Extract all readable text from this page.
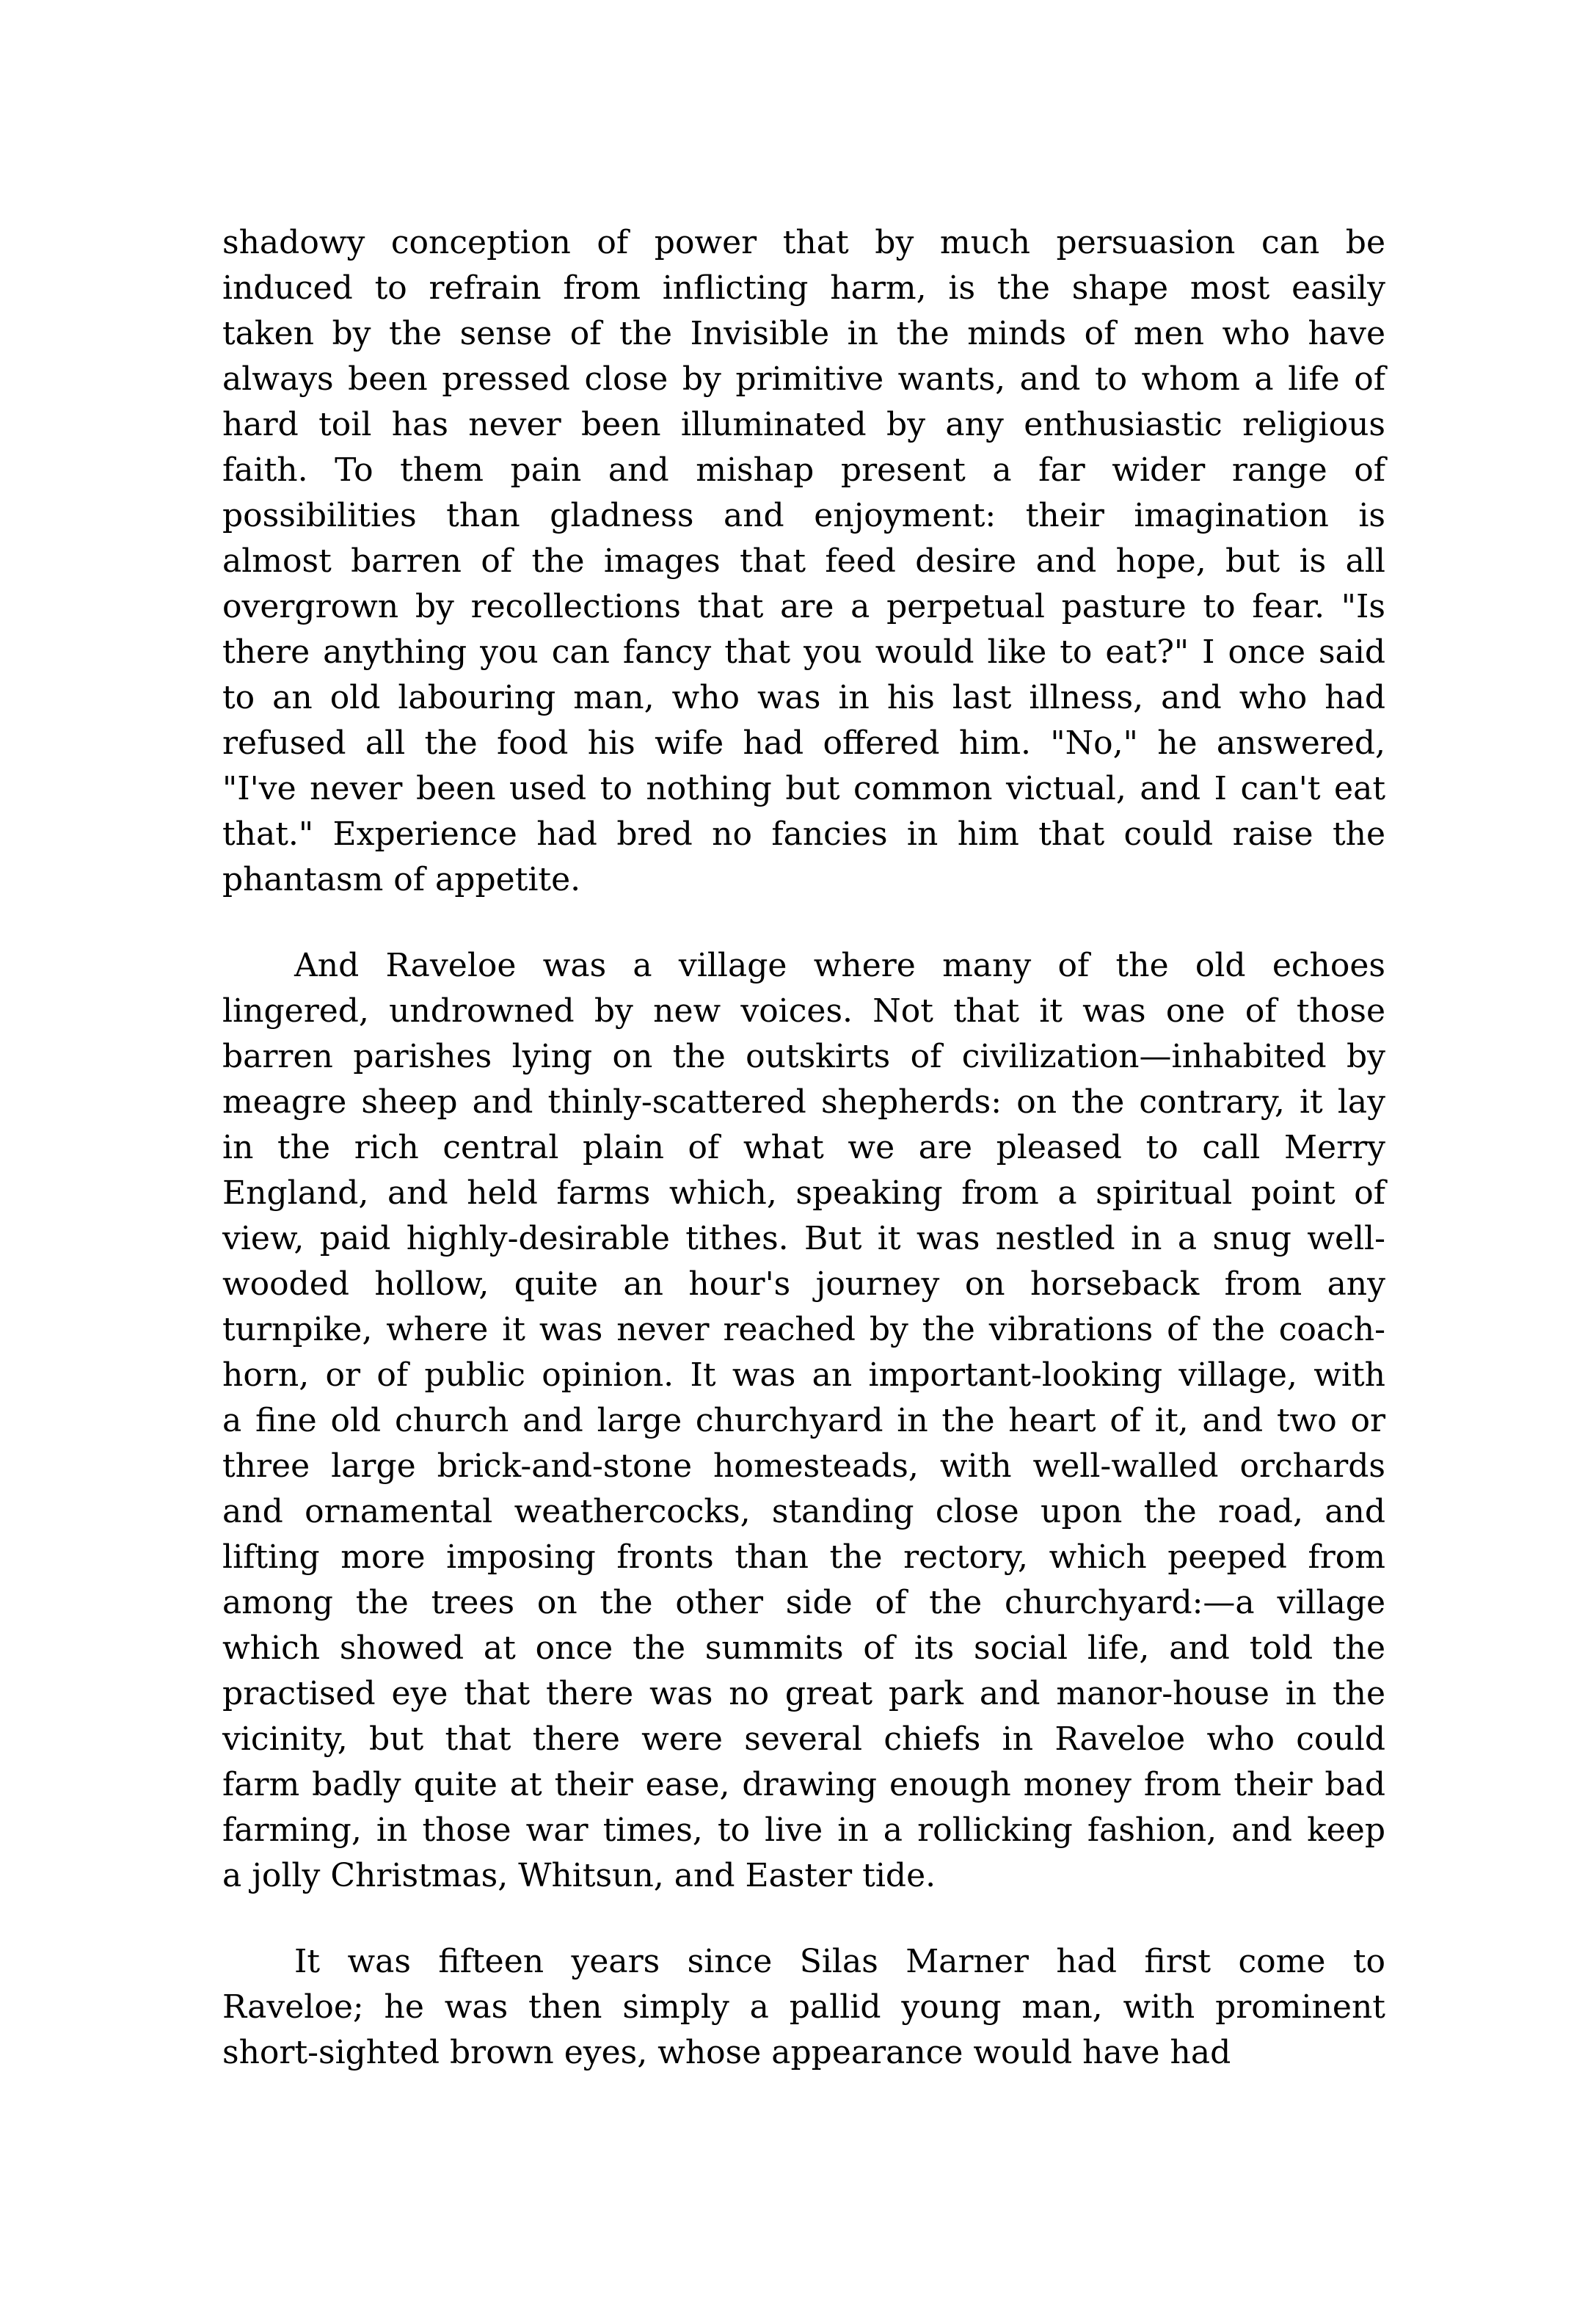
shadowy conception of power that by much persuasion can be
induced to refrain from inflicting harm, is the shape most easily
taken by the sense of the Invisible in the minds of men who have
always been pressed close by primitive wants, and to whom a life of
hard toil has never been illuminated by any enthusiastic religious
faith. To them pain and mishap present a far wider range of
possibilities than gladness and enjoyment: their imagination is
almost barren of the images that feed desire and hope, but is all
overgrown by recollections that are a perpetual pasture to fear. "Is
there anything you can fancy that you would like to eat?" I once said
to an old labouring man, who was in his last illness, and who had
refused all the food his wife had offered him. "No," he answered,
"I've never been used to nothing but common victual, and I can't eat
that." Experience had bred no fancies in him that could raise the
phantasm of appetite.
And Raveloe was a village where many of the old echoes
lingered, undrowned by new voices. Not that it was one of those
barren parishes lying on the outskirts of civilization—inhabited by
meagre sheep and thinly-scattered shepherds: on the contrary, it lay
in the rich central plain of what we are pleased to call Merry
England, and held farms which, speaking from a spiritual point of
view, paid highly-desirable tithes. But it was nestled in a snug well-
wooded hollow, quite an hour's journey on horseback from any
turnpike, where it was never reached by the vibrations of the coach-
horn, or of public opinion. It was an important-looking village, with
a fine old church and large churchyard in the heart of it, and two or
three large brick-and-stone homesteads, with well-walled orchards
and ornamental weathercocks, standing close upon the road, and
lifting more imposing fronts than the rectory, which peeped from
among the trees on the other side of the churchyard:—a village
which showed at once the summits of its social life, and told the
practised eye that there was no great park and manor-house in the
vicinity, but that there were several chiefs in Raveloe who could
farm badly quite at their ease, drawing enough money from their bad
farming, in those war times, to live in a rollicking fashion, and keep
a jolly Christmas, Whitsun, and Easter tide.
It was fifteen years since Silas Marner had first come to
Raveloe; he was then simply a pallid young man, with prominent
short-sighted brown eyes, whose appearance would have had
